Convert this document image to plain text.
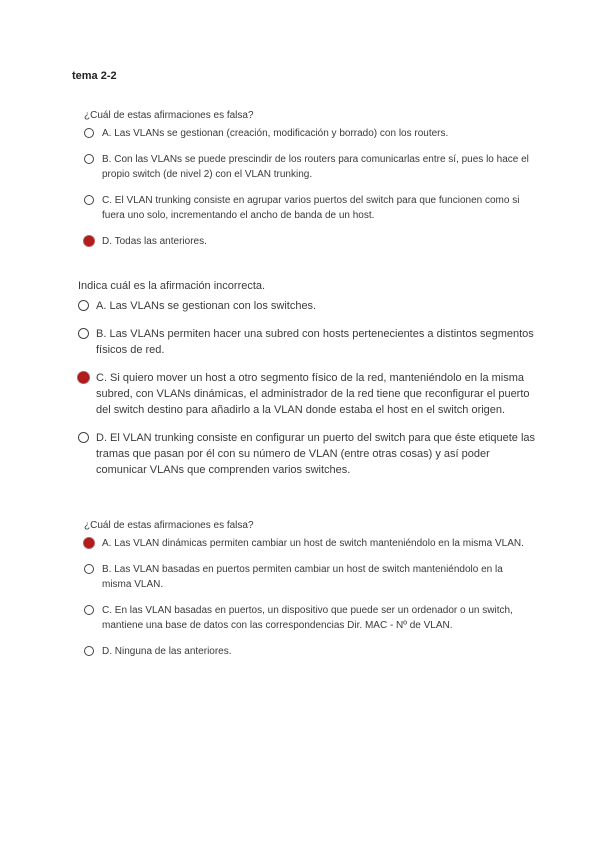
tema 2-2

¿Cuál de estas afirmaciones es falsa?

A. Las VLANs se gestionan (creación, modificación y borrado) con los routers.
B. Con las VLANs se puede prescindir de los routers para comunicarlas entre sí, pues lo hace el propio switch (de nivel 2) con el VLAN trunking.
C. El VLAN trunking consiste en agrupar varios puertos del switch para que funcionen como si fuera uno solo, incrementando el ancho de banda de un host.
D. Todas las anteriores.

Indica cuál es la afirmación incorrecta.

A. Las VLANs se gestionan con los switches.
B. Las VLANs permiten hacer una subred con hosts pertenecientes a distintos segmentos físicos de red.
C. Si quiero mover un host a otro segmento físico de la red, manteniéndolo en la misma subred, con VLANs dinámicas, el administrador de la red tiene que reconfigurar el puerto del switch destino para añadirlo a la VLAN donde estaba el host en el switch origen.
D. El VLAN trunking consiste en configurar un puerto del switch para que éste etiquete las tramas que pasan por él con su número de VLAN (entre otras cosas) y así poder comunicar VLANs que comprenden varios switches.

¿Cuál de estas afirmaciones es falsa?

A. Las VLAN dinámicas permiten cambiar un host de switch manteniéndolo en la misma VLAN.
B. Las VLAN basadas en puertos permiten cambiar un host de switch manteniéndolo en la misma VLAN.
C. En las VLAN basadas en puertos, un dispositivo que puede ser un ordenador o un switch, mantiene una base de datos con las correspondencias Dir. MAC - Nº de VLAN.
D. Ninguna de las anteriores.
